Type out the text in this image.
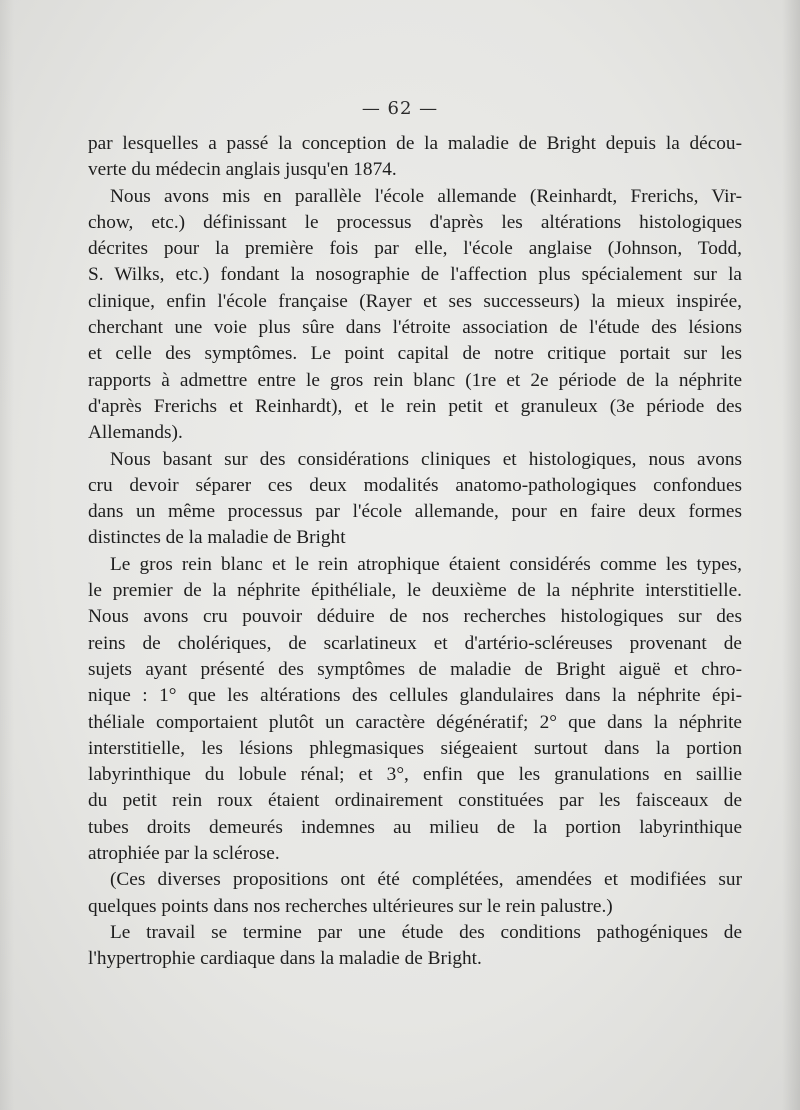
— 62 —
par lesquelles a passé la conception de la maladie de Bright depuis la décou-
verte du médecin anglais jusqu'en 1874.
Nous avons mis en parallèle l'école allemande (Reinhardt, Frerichs, Vir-
chow, etc.) définissant le processus d'après les altérations histologiques
décrites pour la première fois par elle, l'école anglaise (Johnson, Todd,
S. Wilks, etc.) fondant la nosographie de l'affection plus spécialement sur la
clinique, enfin l'école française (Rayer et ses successeurs) la mieux inspirée,
cherchant une voie plus sûre dans l'étroite association de l'étude des lésions
et celle des symptômes. Le point capital de notre critique portait sur les
rapports à admettre entre le gros rein blanc (1re et 2e période de la néphrite
d'après Frerichs et Reinhardt), et le rein petit et granuleux (3e période des
Allemands).
Nous basant sur des considérations cliniques et histologiques, nous avons
cru devoir séparer ces deux modalités anatomo-pathologiques confondues
dans un même processus par l'école allemande, pour en faire deux formes
distinctes de la maladie de Bright
Le gros rein blanc et le rein atrophique étaient considérés comme les types,
le premier de la néphrite épithéliale, le deuxième de la néphrite interstitielle.
Nous avons cru pouvoir déduire de nos recherches histologiques sur des
reins de cholériques, de scarlatineux et d'artério-scléreuses provenant de
sujets ayant présenté des symptômes de maladie de Bright aiguë et chro-
nique : 1° que les altérations des cellules glandulaires dans la néphrite épi-
théliale comportaient plutôt un caractère dégénératif; 2° que dans la néphrite
interstitielle, les lésions phlegmasiques siégeaient surtout dans la portion
labyrinthique du lobule rénal; et 3°, enfin que les granulations en saillie
du petit rein roux étaient ordinairement constituées par les faisceaux de
tubes droits demeurés indemnes au milieu de la portion labyrinthique
atrophiée par la sclérose.
(Ces diverses propositions ont été complétées, amendées et modifiées sur
quelques points dans nos recherches ultérieures sur le rein palustre.)
Le travail se termine par une étude des conditions pathogéniques de
l'hypertrophie cardiaque dans la maladie de Bright.
